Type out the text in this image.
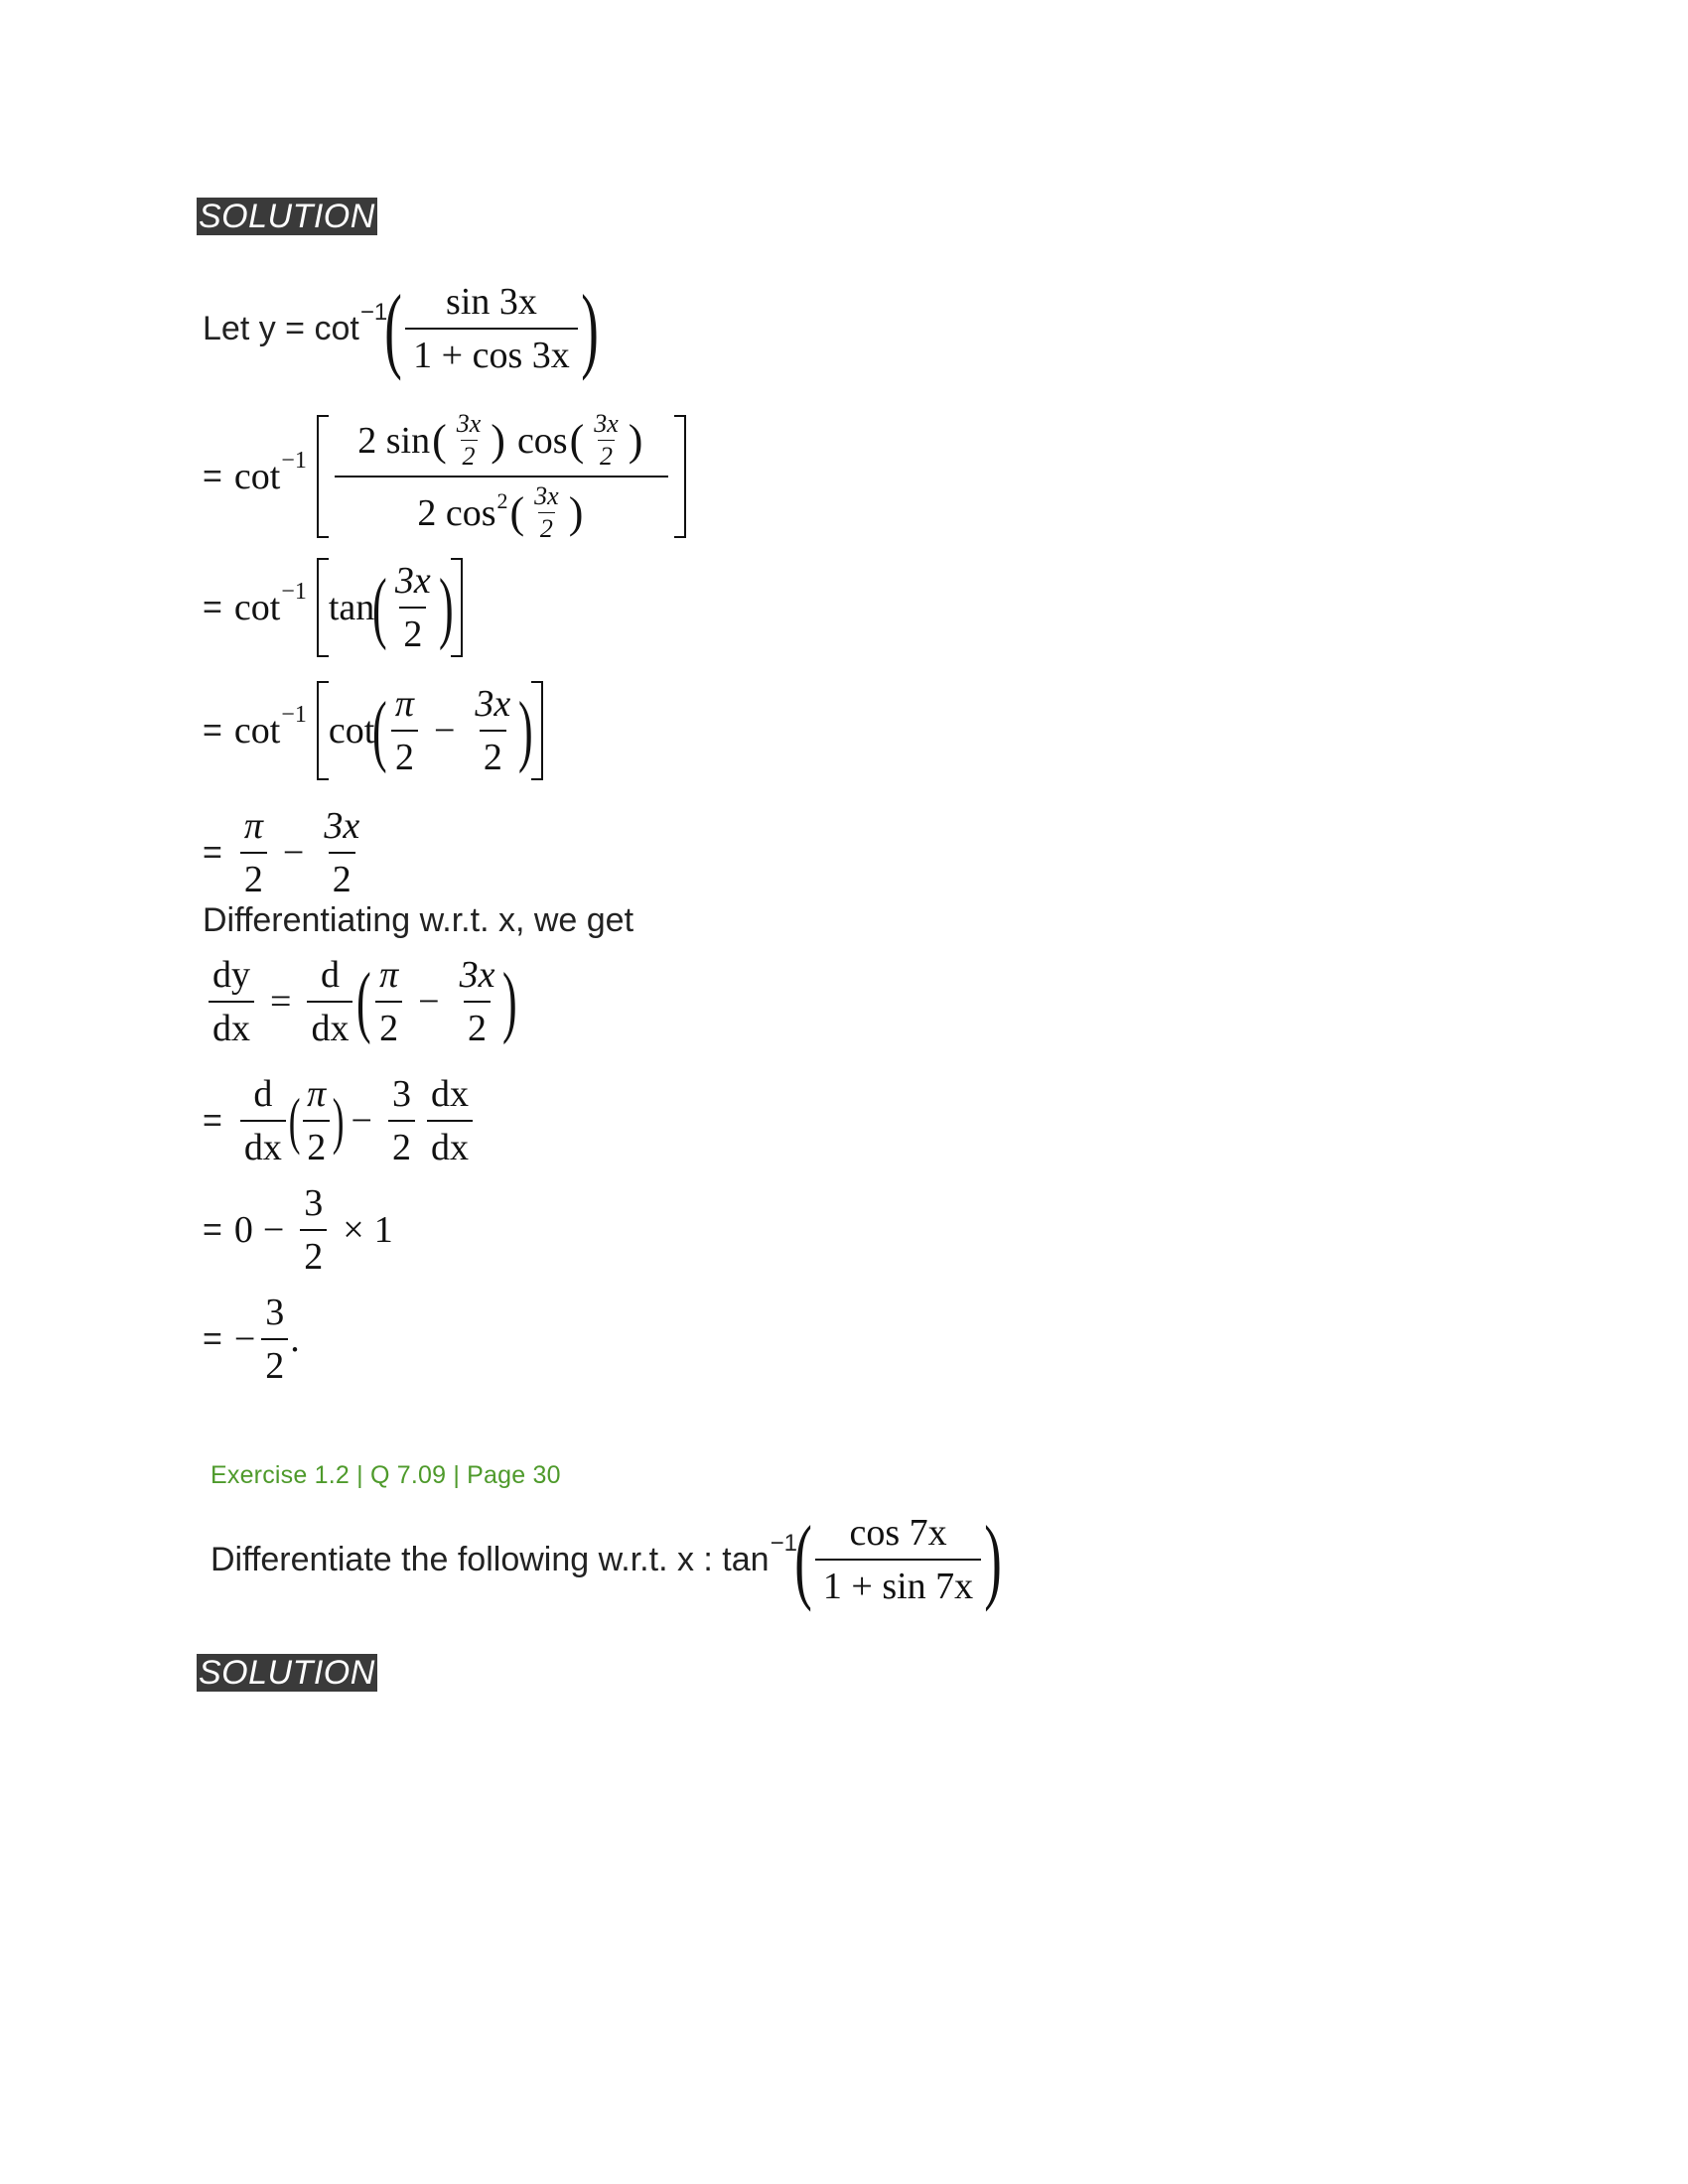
SOLUTION
Let y = cot −1
( $\frac{\sin 3x}{1 + \cos 3x}$ )
= cot −1 2 sin ( $\frac{3x}{2}$ ) cos ( $\frac{3x}{2}$ )
2 cos 2 ( $\frac{3x}{2}$ )
= cot −1 tan
( $\frac{3x}{2}$ )
= cot −1 cot
( $\frac{\pi}{2} - \frac{3x}{2}$ )
= $\frac{\pi}{2} - \frac{3x}{2}$
Differentiating w.r.t. x, we get
$\frac{dy}{dx} = \frac{d}{dx}$ ( $\frac{\pi}{2} - \frac{3x}{2}$ )
= $\frac{d}{dx}$ ( $\frac{\pi}{2}$ ) − $\frac{3}{2} \frac{dx}{dx}$
= $0 - \frac{3}{2} \times 1$
= − $\frac{3}{2}$ .
Exercise 1.2 | Q 7.09 | Page 30
Differentiate the following w.r.t. x : tan −1
( $\frac{\cos 7x}{1 + \sin 7x}$ )
SOLUTION
